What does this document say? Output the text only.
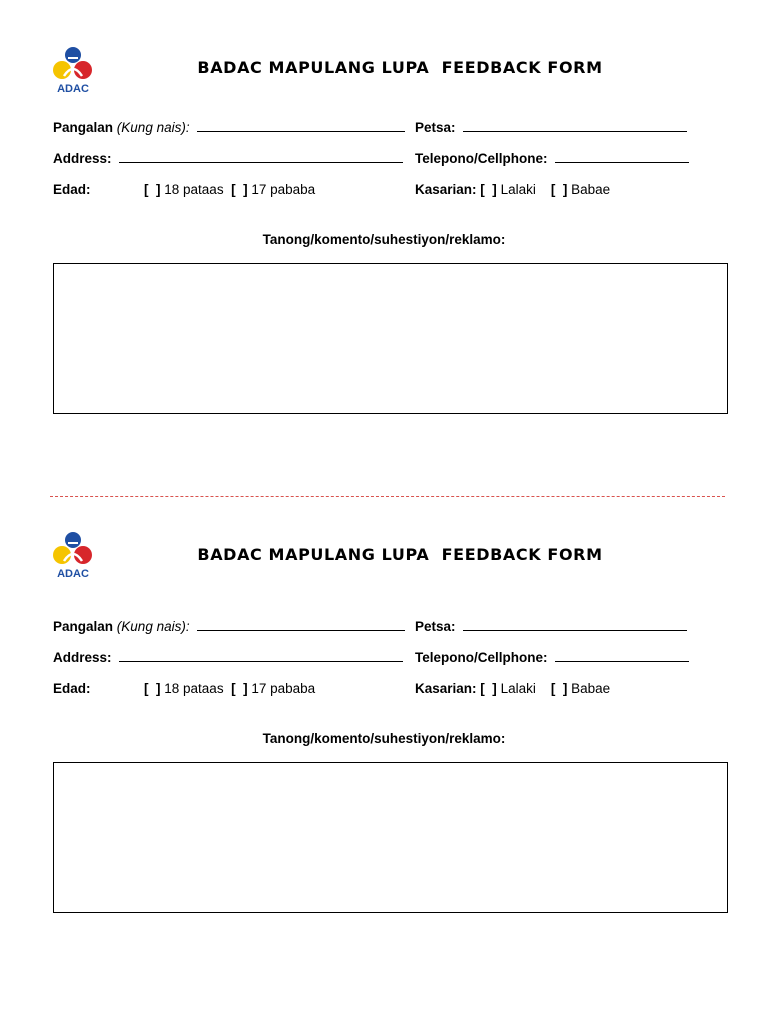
ADAC
BADAC MAPULANG LUPA  FEEDBACK FORM
Pangalan (Kung nais):	Petsa:
Address:	Telepono/Cellphone:
Edad:	[  ] 18 pataas [  ] 17 pababa	Kasarian: [  ] Lalaki [  ] Babae
Tanong/komento/suhestiyon/reklamo:
ADAC
BADAC MAPULANG LUPA  FEEDBACK FORM
Pangalan (Kung nais):	Petsa:
Address:	Telepono/Cellphone:
Edad:	[  ] 18 pataas [  ] 17 pababa	Kasarian: [  ] Lalaki [  ] Babae
Tanong/komento/suhestiyon/reklamo:
